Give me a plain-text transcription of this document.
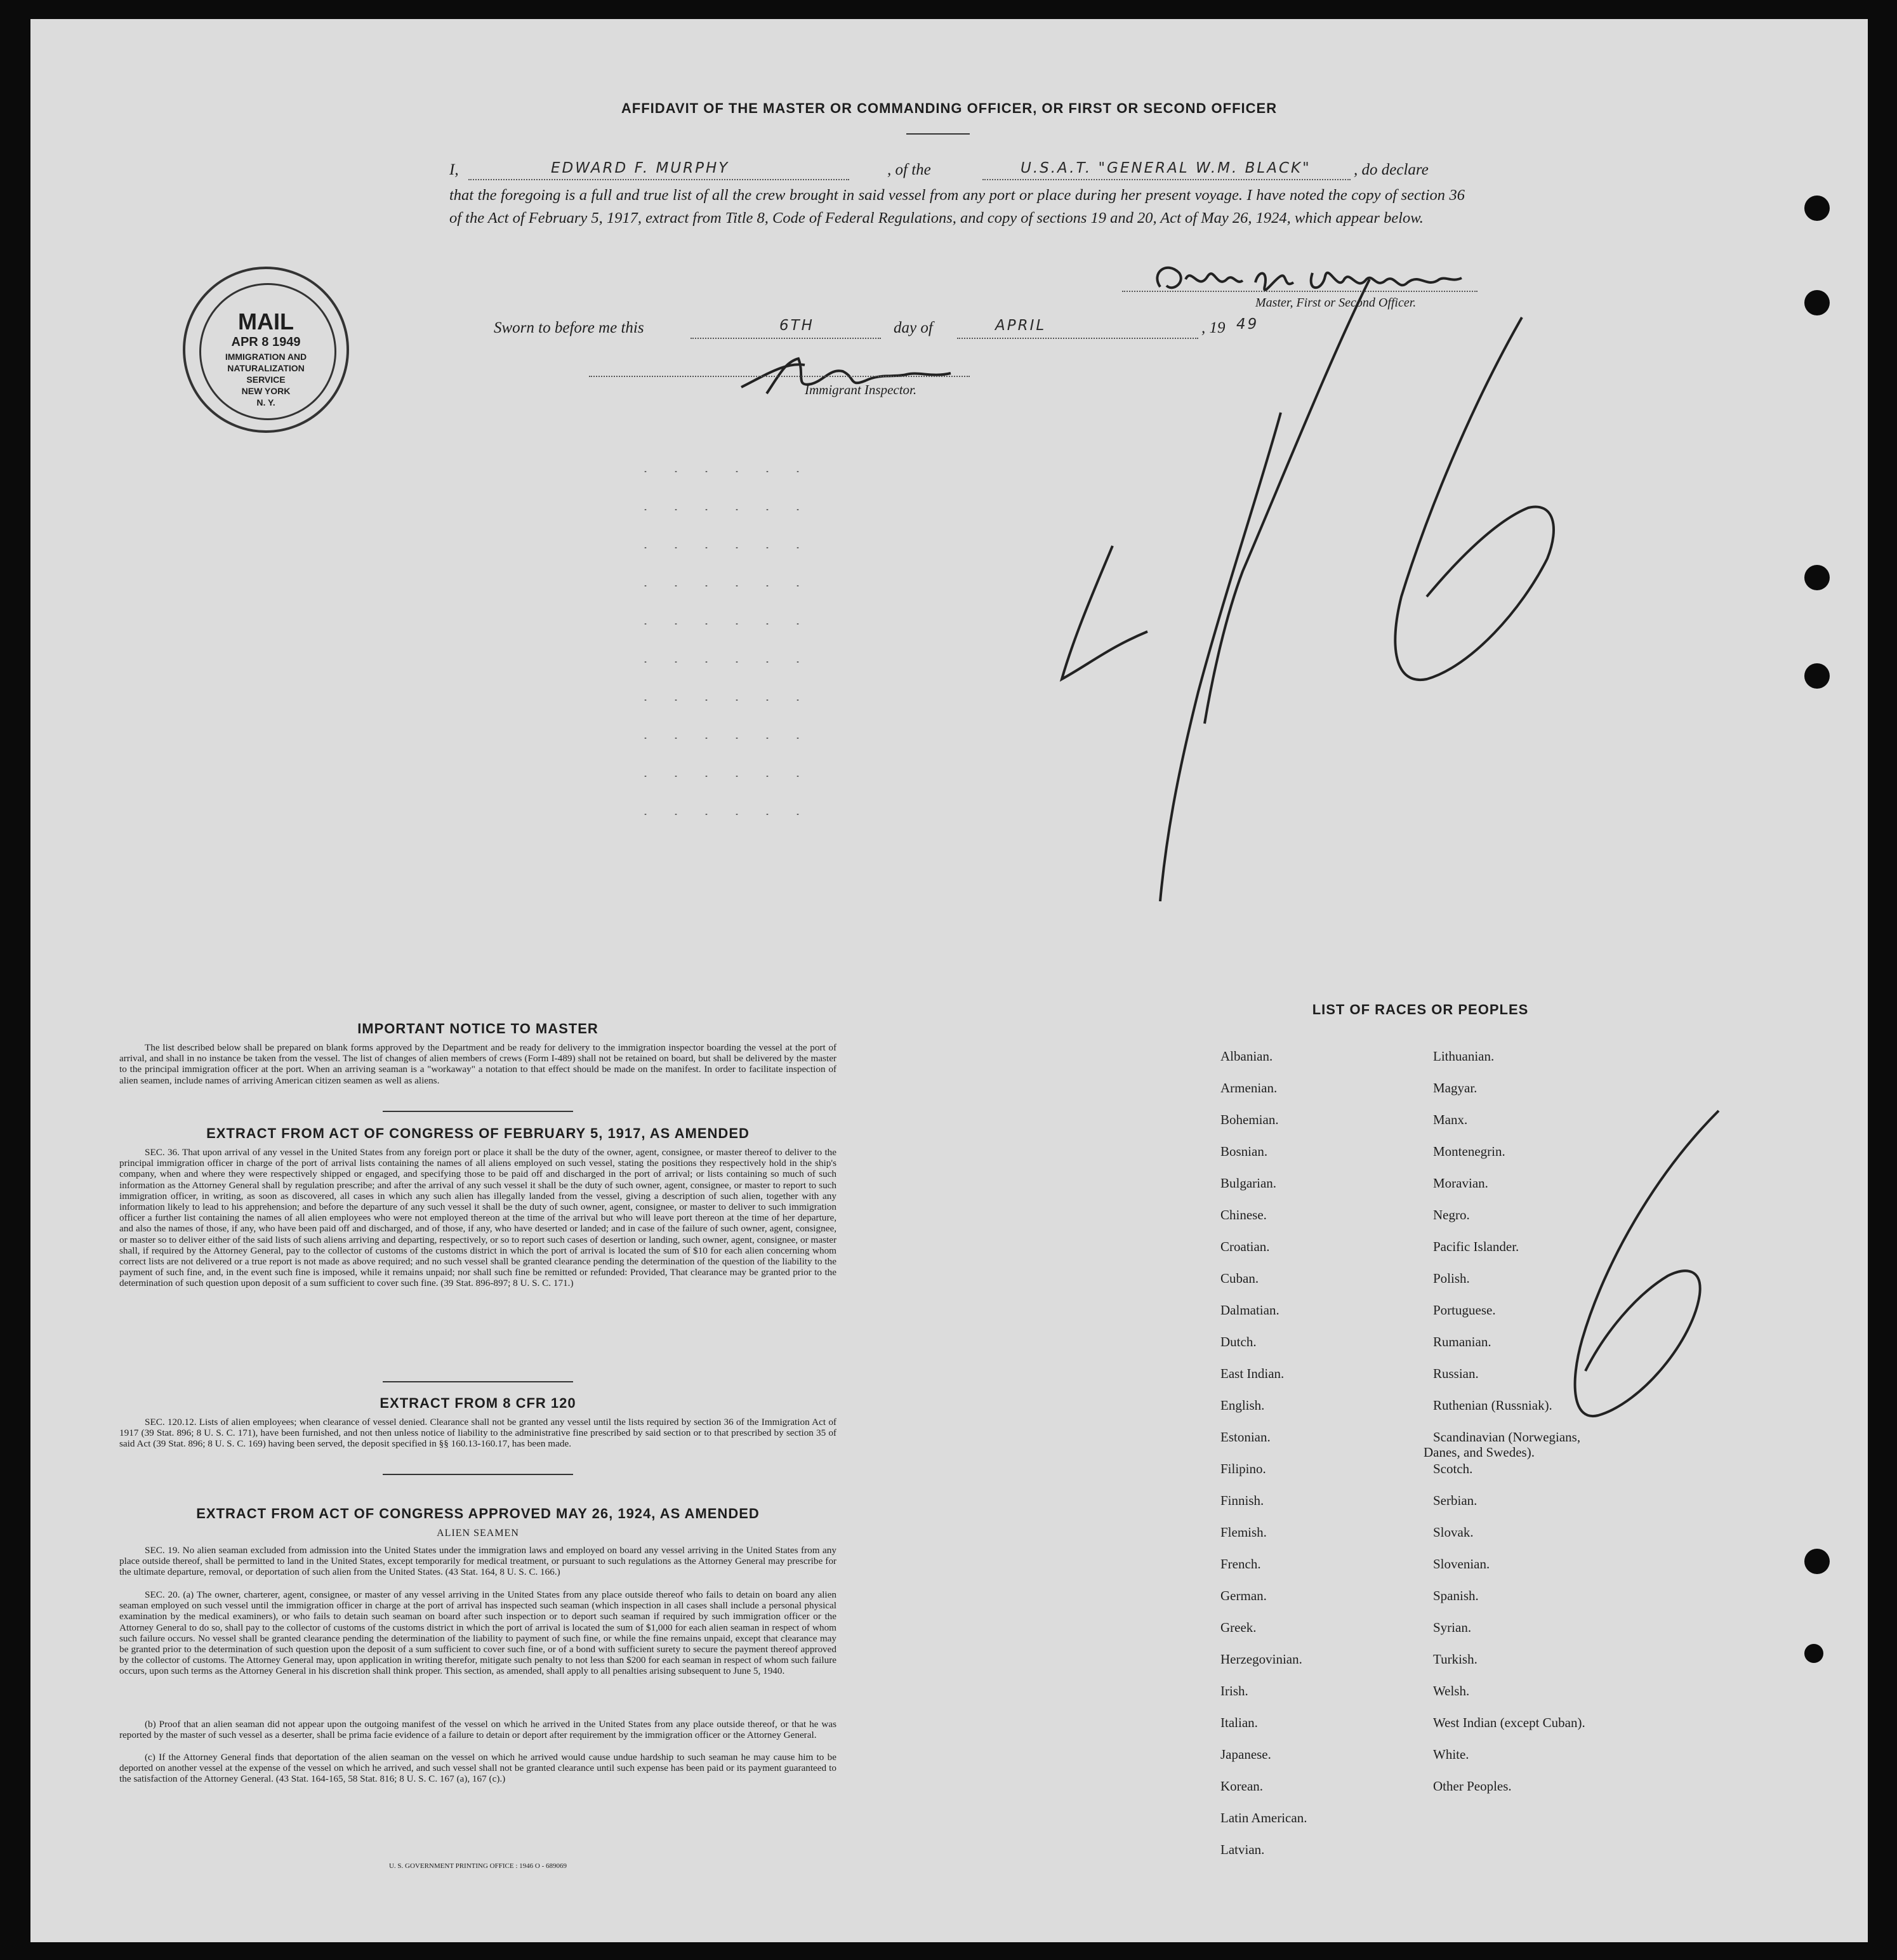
AFFIDAVIT OF THE MASTER OR COMMANDING OFFICER, OR FIRST OR SECOND OFFICER
I,	EDWARD F. MURPHY	, of the	U.S.A.T. "GENERAL W.M. BLACK"	, do declare
that the foregoing is a full and true list of all the crew brought in said vessel from any port or place during her present voyage. I have noted the copy of section 36 of the Act of February 5, 1917, extract from Title 8, Code of Federal Regulations, and copy of sections 19 and 20, Act of May 26, 1924, which appear below.
Master, First or Second Officer.
Sworn to before me this	6TH	day of	APRIL	, 19 49
Immigrant Inspector.
MAIL
APR 8 1949
IMMIGRATION AND
NATURALIZATION
SERVICE
NEW YORK
N. Y.
IMPORTANT NOTICE TO MASTER
The list described below shall be prepared on blank forms approved by the Department and be ready for delivery to the immigration inspector boarding the vessel at the port of arrival, and shall in no instance be taken from the vessel. The list of changes of alien members of crews (Form I-489) shall not be retained on board, but shall be delivered by the master to the principal immigration officer at the port. When an arriving seaman is a "workaway" a notation to that effect should be made on the manifest. In order to facilitate inspection of alien seamen, include names of arriving American citizen seamen as well as aliens.
EXTRACT FROM ACT OF CONGRESS OF FEBRUARY 5, 1917, AS AMENDED
SEC. 36. That upon arrival of any vessel in the United States from any foreign port or place it shall be the duty of the owner, agent, consignee, or master thereof to deliver to the principal immigration officer in charge of the port of arrival lists containing the names of all aliens employed on such vessel, stating the positions they respectively hold in the ship's company, when and where they were respectively shipped or engaged, and specifying those to be paid off and discharged in the port of arrival; or lists containing so much of such information as the Attorney General shall by regulation prescribe; and after the arrival of any such vessel it shall be the duty of such owner, agent, consignee, or master to report to such immigration officer, in writing, as soon as discovered, all cases in which any such alien has illegally landed from the vessel, giving a description of such alien, together with any information likely to lead to his apprehension; and before the departure of any such vessel it shall be the duty of such owner, agent, consignee, or master to deliver to such immigration officer a further list containing the names of all alien employees who were not employed thereon at the time of the arrival but who will leave port thereon at the time of her departure, and also the names of those, if any, who have been paid off and discharged, and of those, if any, who have deserted or landed; and in case of the failure of such owner, agent, consignee, or master so to deliver either of the said lists of such aliens arriving and departing, respectively, or so to report such cases of desertion or landing, such owner, agent, consignee, or master shall, if required by the Attorney General, pay to the collector of customs of the customs district in which the port of arrival is located the sum of $10 for each alien concerning whom correct lists are not delivered or a true report is not made as above required; and no such vessel shall be granted clearance pending the determination of the question of the liability to the payment of such fine, and, in the event such fine is imposed, while it remains unpaid; nor shall such fine be remitted or refunded: Provided, That clearance may be granted prior to the determination of such question upon deposit of a sum sufficient to cover such fine. (39 Stat. 896-897; 8 U. S. C. 171.)
EXTRACT FROM 8 CFR 120
SEC. 120.12. Lists of alien employees; when clearance of vessel denied. Clearance shall not be granted any vessel until the lists required by section 36 of the Immigration Act of 1917 (39 Stat. 896; 8 U. S. C. 171), have been furnished, and not then unless notice of liability to the administrative fine prescribed by said section or to that prescribed by section 35 of said Act (39 Stat. 896; 8 U. S. C. 169) having been served, the deposit specified in §§ 160.13-160.17, has been made.
EXTRACT FROM ACT OF CONGRESS APPROVED MAY 26, 1924, AS AMENDED
ALIEN SEAMEN
SEC. 19. No alien seaman excluded from admission into the United States under the immigration laws and employed on board any vessel arriving in the United States from any place outside thereof, shall be permitted to land in the United States, except temporarily for medical treatment, or pursuant to such regulations as the Attorney General may prescribe for the ultimate departure, removal, or deportation of such alien from the United States. (43 Stat. 164, 8 U. S. C. 166.)
SEC. 20. (a) The owner, charterer, agent, consignee, or master of any vessel arriving in the United States from any place outside thereof who fails to detain on board any alien seaman employed on such vessel until the immigration officer in charge at the port of arrival has inspected such seaman (which inspection in all cases shall include a personal physical examination by the medical examiners), or who fails to detain such seaman on board after such inspection or to deport such seaman if required by such immigration officer or the Attorney General to do so, shall pay to the collector of customs of the customs district in which the port of arrival is located the sum of $1,000 for each alien seaman in respect of whom such failure occurs. No vessel shall be granted clearance pending the determination of the liability to payment of such fine, or while the fine remains unpaid, except that clearance may be granted prior to the determination of such question upon the deposit of a sum sufficient to cover such fine, or of a bond with sufficient surety to secure the payment thereof approved by the collector of customs. The Attorney General may, upon application in writing therefor, mitigate such penalty to not less than $200 for each seaman in respect of whom such failure occurs, upon such terms as the Attorney General in his discretion shall think proper. This section, as amended, shall apply to all penalties arising subsequent to June 5, 1940.
(b) Proof that an alien seaman did not appear upon the outgoing manifest of the vessel on which he arrived in the United States from any place outside thereof, or that he was reported by the master of such vessel as a deserter, shall be prima facie evidence of a failure to detain or deport after requirement by the immigration officer or the Attorney General.
(c) If the Attorney General finds that deportation of the alien seaman on the vessel on which he arrived would cause undue hardship to such seaman he may cause him to be deported on another vessel at the expense of the vessel on which he arrived, and such vessel shall not be granted clearance until such expense has been paid or its payment guaranteed to the satisfaction of the Attorney General. (43 Stat. 164-165, 58 Stat. 816; 8 U. S. C. 167 (a), 167 (c).)
U. S. GOVERNMENT PRINTING OFFICE : 1946 O - 689069
LIST OF RACES OR PEOPLES
Albanian.
Armenian.
Bohemian.
Bosnian.
Bulgarian.
Chinese.
Croatian.
Cuban.
Dalmatian.
Dutch.
East Indian.
English.
Estonian.
Filipino.
Finnish.
Flemish.
French.
German.
Greek.
Herzegovinian.
Irish.
Italian.
Japanese.
Korean.
Latin American.
Latvian.
Lithuanian.
Magyar.
Manx.
Montenegrin.
Moravian.
Negro.
Pacific Islander.
Polish.
Portuguese.
Rumanian.
Russian.
Ruthenian (Russniak).
Scandinavian (Norwegians,
Danes, and Swedes).
Scotch.
Serbian.
Slovak.
Slovenian.
Spanish.
Syrian.
Turkish.
Welsh.
West Indian (except Cuban).
White.
Other Peoples.
